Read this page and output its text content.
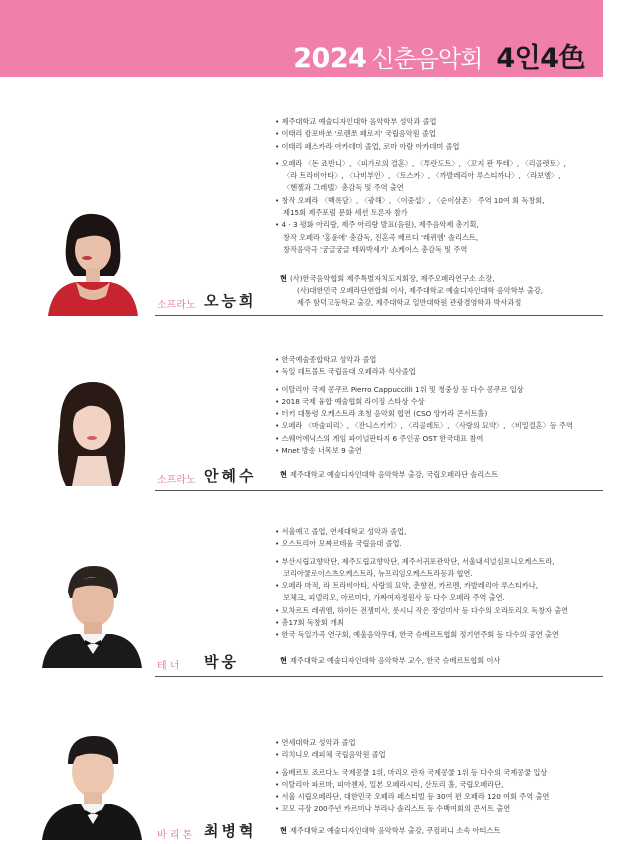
2024 신춘음악회 4인4色
• 제주대학교 예술디자인대학 음악학부 성악과 졸업
• 이태리 캄포바쏘 '로렌쪼 페로지' 국립음악원 졸업
• 이태리 페스카라 아카데미 졸업, 로마 아람 아카데미 졸업
• 오페라 〈돈 죠반니〉, 〈피가로의 결혼〉, 〈투란도트〉, 〈꼬지 판 뚜테〉, 〈리골렛토〉,
〈라 트라비아타〉, 〈나비부인〉, 〈토스카〉, 〈까발레리아 루스티까나〉, 〈라보엠〉,
〈헨젤과 그레텔〉총감독 및 주역 출연
• 창작 오페라 〈백록담〉, 〈광해〉, 〈이중섭〉, 〈순이삼촌〉 주역 10여 회 독창회,
제15회 제주포럼 문화 세션 토론자 참가
• 4 · 3 평화 아리랑, 제주 아리랑 발표(음원), 제주음악제 총기획,
창작 오페라 '홍윤애' 총감독, 진혼곡 베르디 '레퀴엠' 솔리스트,
창작음악극 '궁글궁글 테와박세기' 쇼케이스 총감독 및 주역
현 (사)한국음악협회 제주특별자치도지회장, 제주오페라연구소 소장,
(사)대한민국 오페라단연합회 이사, 제주대학교 예술디자인대학 음악학부 출강,
제주 함덕고등학교 출강, 제주대학교 일반대학원 관광경영학과 박사과정
소프라노 오능희
• 한국예술종합학교 성악과 졸업
• 독일 데트몰트 국립음대 오페라과 석사졸업
• 이탈리아 국제 콩쿠르 Pierro Cappuccilli 1위 및 청중상 등 다수 콩쿠르 입상
• 2018 국제 융합 예술협회 라이징 스타상 수상
• 터키 대통령 오케스트라 초청 음악회 협연 (CSO 앙카라 콘서트홀)
• 오페라 〈마술피리〉, 〈잔니스키키〉, 〈리골레토〉, 〈사랑의 묘약〉, 〈비밀결혼〉등 주역
• 스웨어에닉스의 게임 파이널판타지 6 주인공 OST 한국대표 참여
• Mnet 방송 너목보 9 출연
현 제주대학교 예술디자인대학 음악학부 출강, 국립오페라단 솔리스트
소프라노 안혜수
• 서울예고 졸업, 연세대학교 성악과 졸업,
• 오스트리아 모짜르테움 국립음대 졸업.
• 부산시립교향악단, 제주도립교향악단, 제주서귀포관악단, 서울내셔널심포니오케스트라,
코리아쿨로이스츠오케스트라, 뉴프리임오케스트라등과 협연.
• 오페라 마적, 라 트라비아타, 사랑의 묘약, 춘향전, 카르멘, 카발레리아 루스티카나,
보체크, 피델리오, 아르미다, 가짜여자정원사 등 다수 오페라 주역 출연.
• 모차르트 레퀴엠, 하이든 전쟁미사, 롯시니 작은 장엄미사 등 다수의 오라토리오 독창자 출연
• 총17회 독창회 개최
• 한국 독일가곡 연구회, 예울음악무대, 한국 슈베르트협회 정기연주회 등 다수의 공연 출연
현 제주대학교 예술디자인대학 음악학부 교수, 한국 슈베르트협회 이사
테 너 박웅
• 연세대학교 성악과 졸업
• 리치니오 레피체 국립음악원 졸업
• 올베르토 죠르다노 국제콩쿨 1위, 마리오 란자 국제콩쿨 1위 등 다수의 국제콩쿨 입상
• 이탈리아 파르마, 피아첸자, 일본 오페라시티, 산토리 홀, 국립오페라단,
• 서울 시립오페라단, 대한민국 오페라 페스티벌 등 30여 편 오페라 120 여회 주역 출연
• 꼬모 극장 200주년 카르미나 부라나 솔리스트 등 수백여회의 콘서트 출연
현 제주대학교 예술디자인대학 음악학부 출강, 쿠컴퍼니 소속 아티스트
바 리 톤 최병혁
